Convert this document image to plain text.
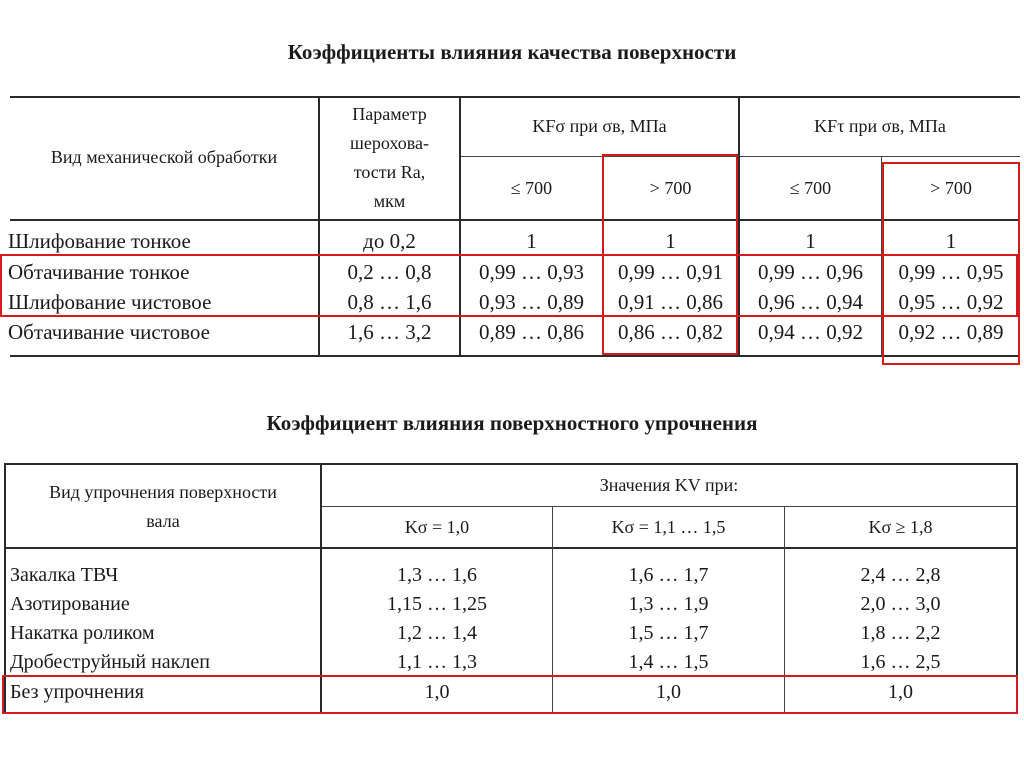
Коэффициенты влияния качества поверхности
Вид механической обработки
Параметр
шерохова-
тости Ra,
мкм
KFσ при σв, МПа	KFτ при σв, МПа
≤ 700	> 700	≤ 700	> 700
Шлифование тонкое	до 0,2	1	1	1	1
Обтачивание тонкое	0,2 … 0,8	0,99 … 0,93	0,99 … 0,91	0,99 … 0,96	0,99 … 0,95
Шлифование чистовое	0,8 … 1,6	0,93 … 0,89	0,91 … 0,86	0,96 … 0,94	0,95 … 0,92
Обтачивание чистовое	1,6 … 3,2	0,89 … 0,86	0,86 … 0,82	0,94 … 0,92	0,92 … 0,89
Коэффициент влияния поверхностного упрочнения
Вид упрочнения поверхности
вала
Значения KV при:
Kσ = 1,0	Kσ = 1,1 … 1,5	Kσ ≥ 1,8
Закалка ТВЧ	1,3 … 1,6	1,6 … 1,7	2,4 … 2,8
Азотирование	1,15 … 1,25	1,3 … 1,9	2,0 … 3,0
Накатка роликом	1,2 … 1,4	1,5 … 1,7	1,8 … 2,2
Дробеструйный наклеп	1,1 … 1,3	1,4 … 1,5	1,6 … 2,5
Без упрочнения	1,0	1,0	1,0
